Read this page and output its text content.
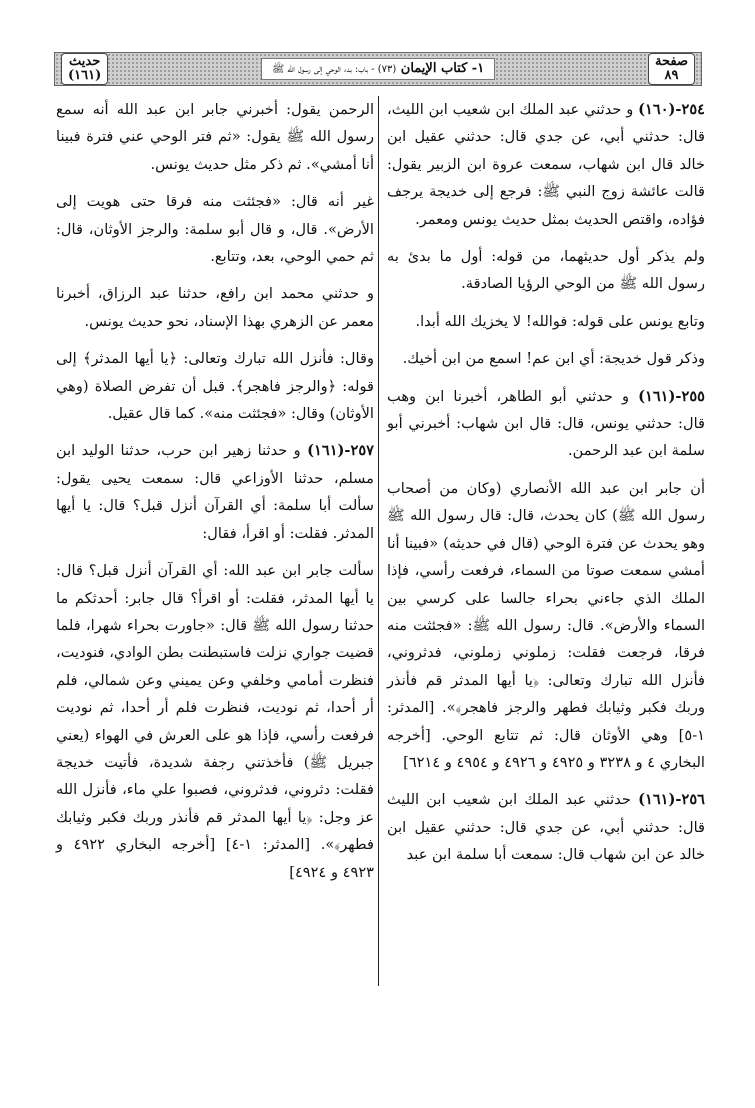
حديث
(١٦١)	١- كتاب الإيمان (٧٣) - باب: بدء الوحي إلى رسول الله ﷺ
صفحة
٨٩

٢٥٤-(١٦٠) و حدثني عبد الملك ابن شعيب ابن الليث، قال: حدثني أبي، عن جدي قال: حدثني عقيل ابن خالد قال ابن شهاب، سمعت عروة ابن الزبير يقول: قالت عائشة زوج النبي ﷺ: فرجع إلى خديجة يرجف فؤاده، واقتص الحديث بمثل حديث يونس ومعمر.

ولم يذكر أول حديثهما، من قوله: أول ما بدئ به رسول الله ﷺ من الوحي الرؤيا الصادقة.

وتابع يونس على قوله: فوالله! لا يخزيك الله أبدا.

وذكر قول خديجة: أي ابن عم! اسمع من ابن أخيك.

٢٥٥-(١٦١) و حدثني أبو الطاهر، أخبرنا ابن وهب قال: حدثني يونس، قال: قال ابن شهاب: أخبرني أبو سلمة ابن عبد الرحمن.

أن جابر ابن عبد الله الأنصاري (وكان من أصحاب رسول الله ﷺ) كان يحدث، قال: قال رسول الله ﷺ وهو يحدث عن فترة الوحي (قال في حديثه) «فبينا أنا أمشي سمعت صوتا من السماء، فرفعت رأسي، فإذا الملك الذي جاءني بحراء جالسا على كرسي بين السماء والأرض». قال: رسول الله ﷺ: «فجئثت منه فرقا، فرجعت فقلت: زملوني زملوني، فدثروني، فأنزل الله تبارك وتعالى: ﴿يا أيها المدثر قم فأنذر وربك فكبر وثيابك فطهر والرجز فاهجر﴾». [المدثر: ١-٥] وهي الأوثان قال: ثم تتابع الوحي. [أخرجه البخاري ٤ و ٣٢٣٨ و ٤٩٢٥ و ٤٩٢٦ و ٤٩٥٤ و ٦٢١٤]

٢٥٦-(١٦١) حدثني عبد الملك ابن شعيب ابن الليث قال: حدثني أبي، عن جدي قال: حدثني عقيل ابن خالد عن ابن شهاب قال: سمعت أبا سلمة ابن عبد

الرحمن يقول: أخبرني جابر ابن عبد الله أنه سمع رسول الله ﷺ يقول: «ثم فتر الوحي عني فترة فبينا أنا أمشي». ثم ذكر مثل حديث يونس.

غير أنه قال: «فجئثت منه فرقا حتى هويت إلى الأرض». قال، و قال أبو سلمة: والرجز الأوثان، قال: ثم حمي الوحي، بعد، وتتابع.

و حدثني محمد ابن رافع، حدثنا عبد الرزاق، أخبرنا معمر عن الزهري بهذا الإسناد، نحو حديث يونس.

وقال: فأنزل الله تبارك وتعالى: ﴿يا أيها المدثر﴾ إلى قوله: ﴿والرجز فاهجر﴾. قبل أن تفرض الصلاة (وهي الأوثان) وقال: «فجئثت منه». كما قال عقيل.

٢٥٧-(١٦١) و حدثنا زهير ابن حرب، حدثنا الوليد ابن مسلم، حدثنا الأوزاعي قال: سمعت يحيى يقول: سألت أبا سلمة: أي القرآن أنزل قبل؟ قال: يا أيها المدثر. فقلت: أو اقرأ، فقال:

سألت جابر ابن عبد الله: أي القرآن أنزل قبل؟ قال: يا أيها المدثر، فقلت: أو اقرأ؟ قال جابر: أحدثكم ما حدثنا رسول الله ﷺ قال: «جاورت بحراء شهرا، فلما قضيت جواري نزلت فاستبطنت بطن الوادي، فنوديت، فنظرت أمامي وخلفي وعن يميني وعن شمالي، فلم أر أحدا، ثم نوديت، فنظرت فلم أر أحدا، ثم نوديت فرفعت رأسي، فإذا هو على العرش في الهواء (يعني جبريل ﷺ) فأخذتني رجفة شديدة، فأتيت خديجة فقلت: دثروني، فدثروني، فصبوا علي ماء، فأنزل الله عز وجل: ﴿يا أيها المدثر قم فأنذر وربك فكبر وثيابك فطهر﴾». [المدثر: ١-٤] [أخرجه البخاري ٤٩٢٢ و ٤٩٢٣ و ٤٩٢٤]
